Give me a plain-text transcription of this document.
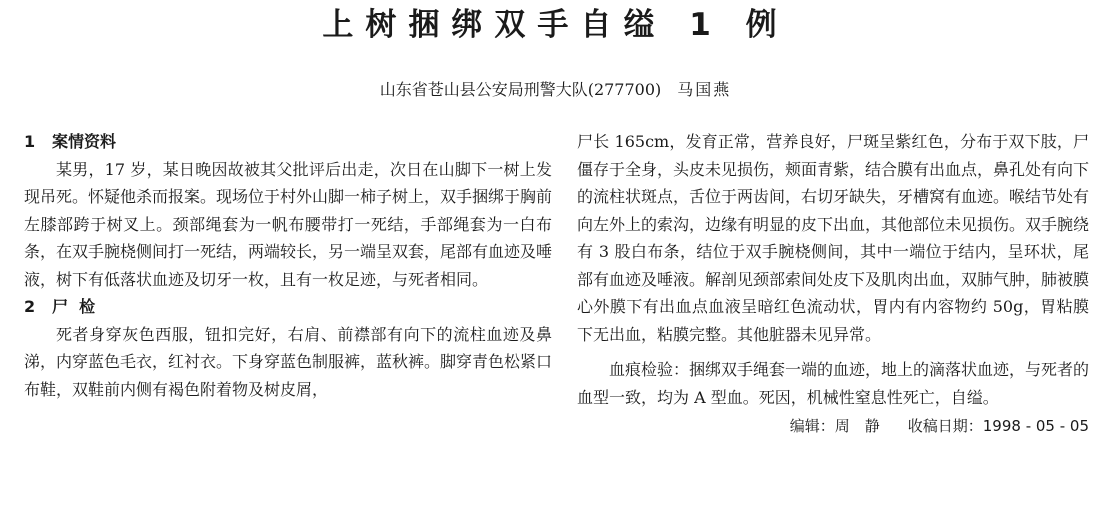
上树捆绑双手自缢 1 例
山东省苍山县公安局刑警大队(277700) 马国燕
1 案情资料

某男，17 岁，某日晚因故被其父批评后出走，次日在山脚下一树上发现吊死。怀疑他杀而报案。现场位于村外山脚一柿子树上，双手捆绑于胸前左膝部跨于树叉上。颈部绳套为一帆布腰带打一死结，手部绳套为一白布条，在双手腕桡侧间打一死结，两端较长，另一端呈双套，尾部有血迹及唾液，树下有低落状血迹及切牙一枚，且有一枚足迹，与死者相同。

2 尸  检

死者身穿灰色西服，钮扣完好，右肩、前襟部有向下的流柱血迹及鼻涕，内穿蓝色毛衣，红衬衣。下身穿蓝色制服裤，蓝秋裤。脚穿青色松紧口布鞋，双鞋前内侧有褐色附着物及树皮屑，

尸长 165cm，发育正常，营养良好，尸斑呈紫红色，分布于双下肢，尸僵存于全身，头皮未见损伤，颊面青紫，结合膜有出血点，鼻孔处有向下的流柱状斑点，舌位于两齿间，右切牙缺失，牙槽窝有血迹。喉结节处有向左外上的索沟，边缘有明显的皮下出血，其他部位未见损伤。双手腕绕有 3 股白布条，结位于双手腕桡侧间，其中一端位于结内，呈环状，尾部有血迹及唾液。解剖见颈部索间处皮下及肌肉出血，双肺气肿，肺被膜心外膜下有出血点血液呈暗红色流动状，胃内有内容物约 50g，胃粘膜下无出血，粘膜完整。其他脏器未见异常。

血痕检验：捆绑双手绳套一端的血迹，地上的滴落状血迹，与死者的血型一致，均为 A 型血。死因，机械性窒息性死亡，自缢。

编辑：周　静 收稿日期：1998 - 05 - 05
